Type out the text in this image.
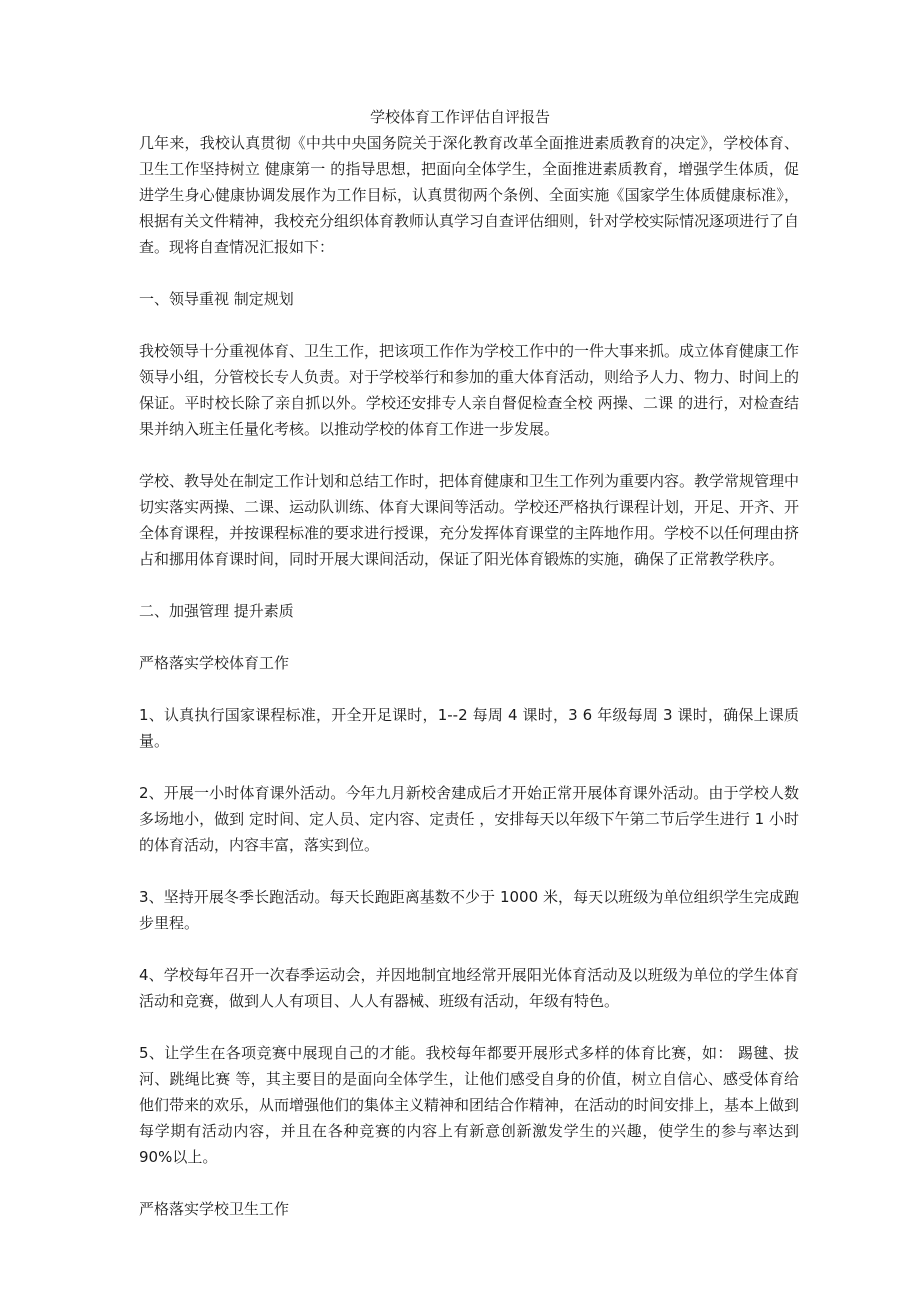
学校体育工作评估自评报告

几年来，我校认真贯彻《中共中央国务院关于深化教育改革全面推进素质教育的决定》，学校体育、卫生工作坚持树立 健康第一 的指导思想，把面向全体学生，全面推进素质教育，增强学生体质，促进学生身心健康协调发展作为工作目标，认真贯彻两个条例、全面实施《国家学生体质健康标准》，根据有关文件精神，我校充分组织体育教师认真学习自查评估细则，针对学校实际情况逐项进行了自查。现将自查情况汇报如下：

一、领导重视 制定规划

我校领导十分重视体育、卫生工作，把该项工作作为学校工作中的一件大事来抓。成立体育健康工作领导小组，分管校长专人负责。对于学校举行和参加的重大体育活动，则给予人力、物力、时间上的保证。平时校长除了亲自抓以外。学校还安排专人亲自督促检查全校 两操、二课 的进行，对检查结果并纳入班主任量化考核。以推动学校的体育工作进一步发展。

学校、教导处在制定工作计划和总结工作时，把体育健康和卫生工作列为重要内容。教学常规管理中切实落实两操、二课、运动队训练、体育大课间等活动。学校还严格执行课程计划，开足、开齐、开全体育课程，并按课程标准的要求进行授课，充分发挥体育课堂的主阵地作用。学校不以任何理由挤占和挪用体育课时间，同时开展大课间活动，保证了阳光体育锻炼的实施，确保了正常教学秩序。

二、加强管理 提升素质

严格落实学校体育工作

1、认真执行国家课程标准，开全开足课时，1--2 每周 4 课时，3 6 年级每周 3 课时，确保上课质量。

2、开展一小时体育课外活动。今年九月新校舍建成后才开始正常开展体育课外活动。由于学校人数多场地小，做到 定时间、定人员、定内容、定责任 ，安排每天以年级下午第二节后学生进行 1 小时的体育活动，内容丰富，落实到位。

3、坚持开展冬季长跑活动。每天长跑距离基数不少于 1000 米，每天以班级为单位组织学生完成跑步里程。

4、学校每年召开一次春季运动会，并因地制宜地经常开展阳光体育活动及以班级为单位的学生体育活动和竞赛，做到人人有项目、人人有器械、班级有活动，年级有特色。

5、让学生在各项竞赛中展现自己的才能。我校每年都要开展形式多样的体育比赛，如： 踢毽、拔河、跳绳比赛 等，其主要目的是面向全体学生，让他们感受自身的价值，树立自信心、感受体育给他们带来的欢乐，从而增强他们的集体主义精神和团结合作精神，在活动的时间安排上，基本上做到每学期有活动内容，并且在各种竞赛的内容上有新意创新激发学生的兴趣，使学生的参与率达到 90%以上。

严格落实学校卫生工作
